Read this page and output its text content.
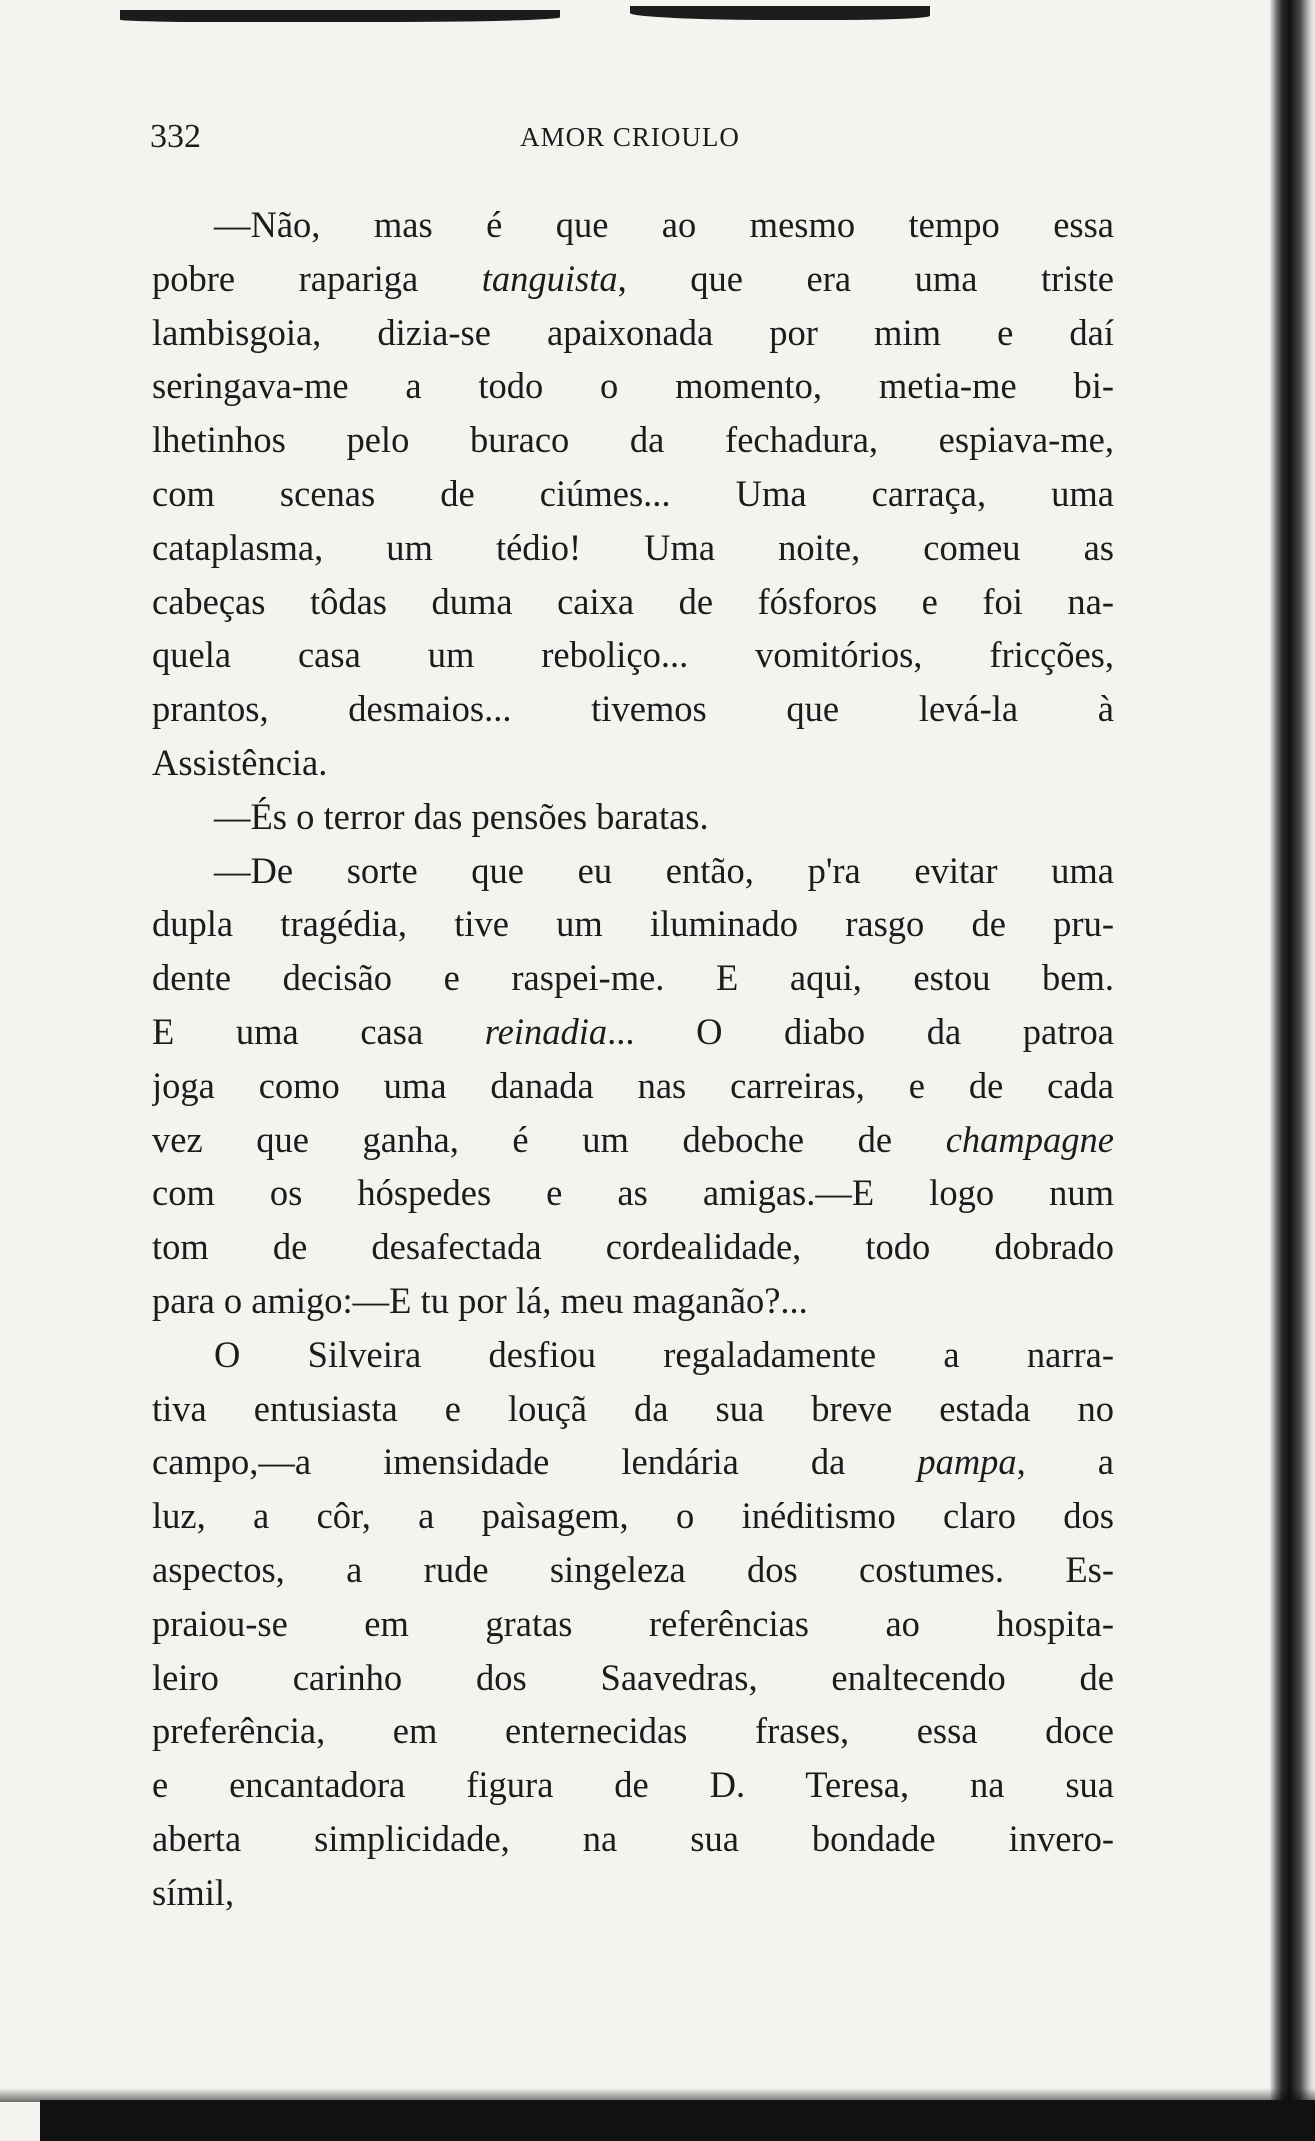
332	AMOR CRIOULO
—Não, mas é que ao mesmo tempo essa
pobre rapariga tanguista, que era uma triste
lambisgoia, dizia-se apaixonada por mim e daí
seringava-me a todo o momento, metia-me bi-
lhetinhos pelo buraco da fechadura, espiava-me,
com scenas de ciúmes... Uma carraça, uma
cataplasma, um tédio! Uma noite, comeu as
cabeças tôdas duma caixa de fósforos e foi na-
quela casa um reboliço... vomitórios, fricções,
prantos, desmaios... tivemos que levá-la à
Assistência.
—És o terror das pensões baratas.
—De sorte que eu então, p'ra evitar uma
dupla tragédia, tive um iluminado rasgo de pru-
dente decisão e raspei-me. E aqui, estou bem.
E uma casa reinadia... O diabo da patroa
joga como uma danada nas carreiras, e de cada
vez que ganha, é um deboche de champagne
com os hóspedes e as amigas.—E logo num
tom de desafectada cordealidade, todo dobrado
para o amigo:—E tu por lá, meu maganão?...
O Silveira desfiou regaladamente a narra-
tiva entusiasta e louçã da sua breve estada no
campo,—a imensidade lendária da pampa, a
luz, a côr, a paìsagem, o inéditismo claro dos
aspectos, a rude singeleza dos costumes. Es-
praiou-se em gratas referências ao hospita-
leiro carinho dos Saavedras, enaltecendo de
preferência, em enternecidas frases, essa doce
e encantadora figura de D. Teresa, na sua
aberta simplicidade, na sua bondade invero-
símil,
